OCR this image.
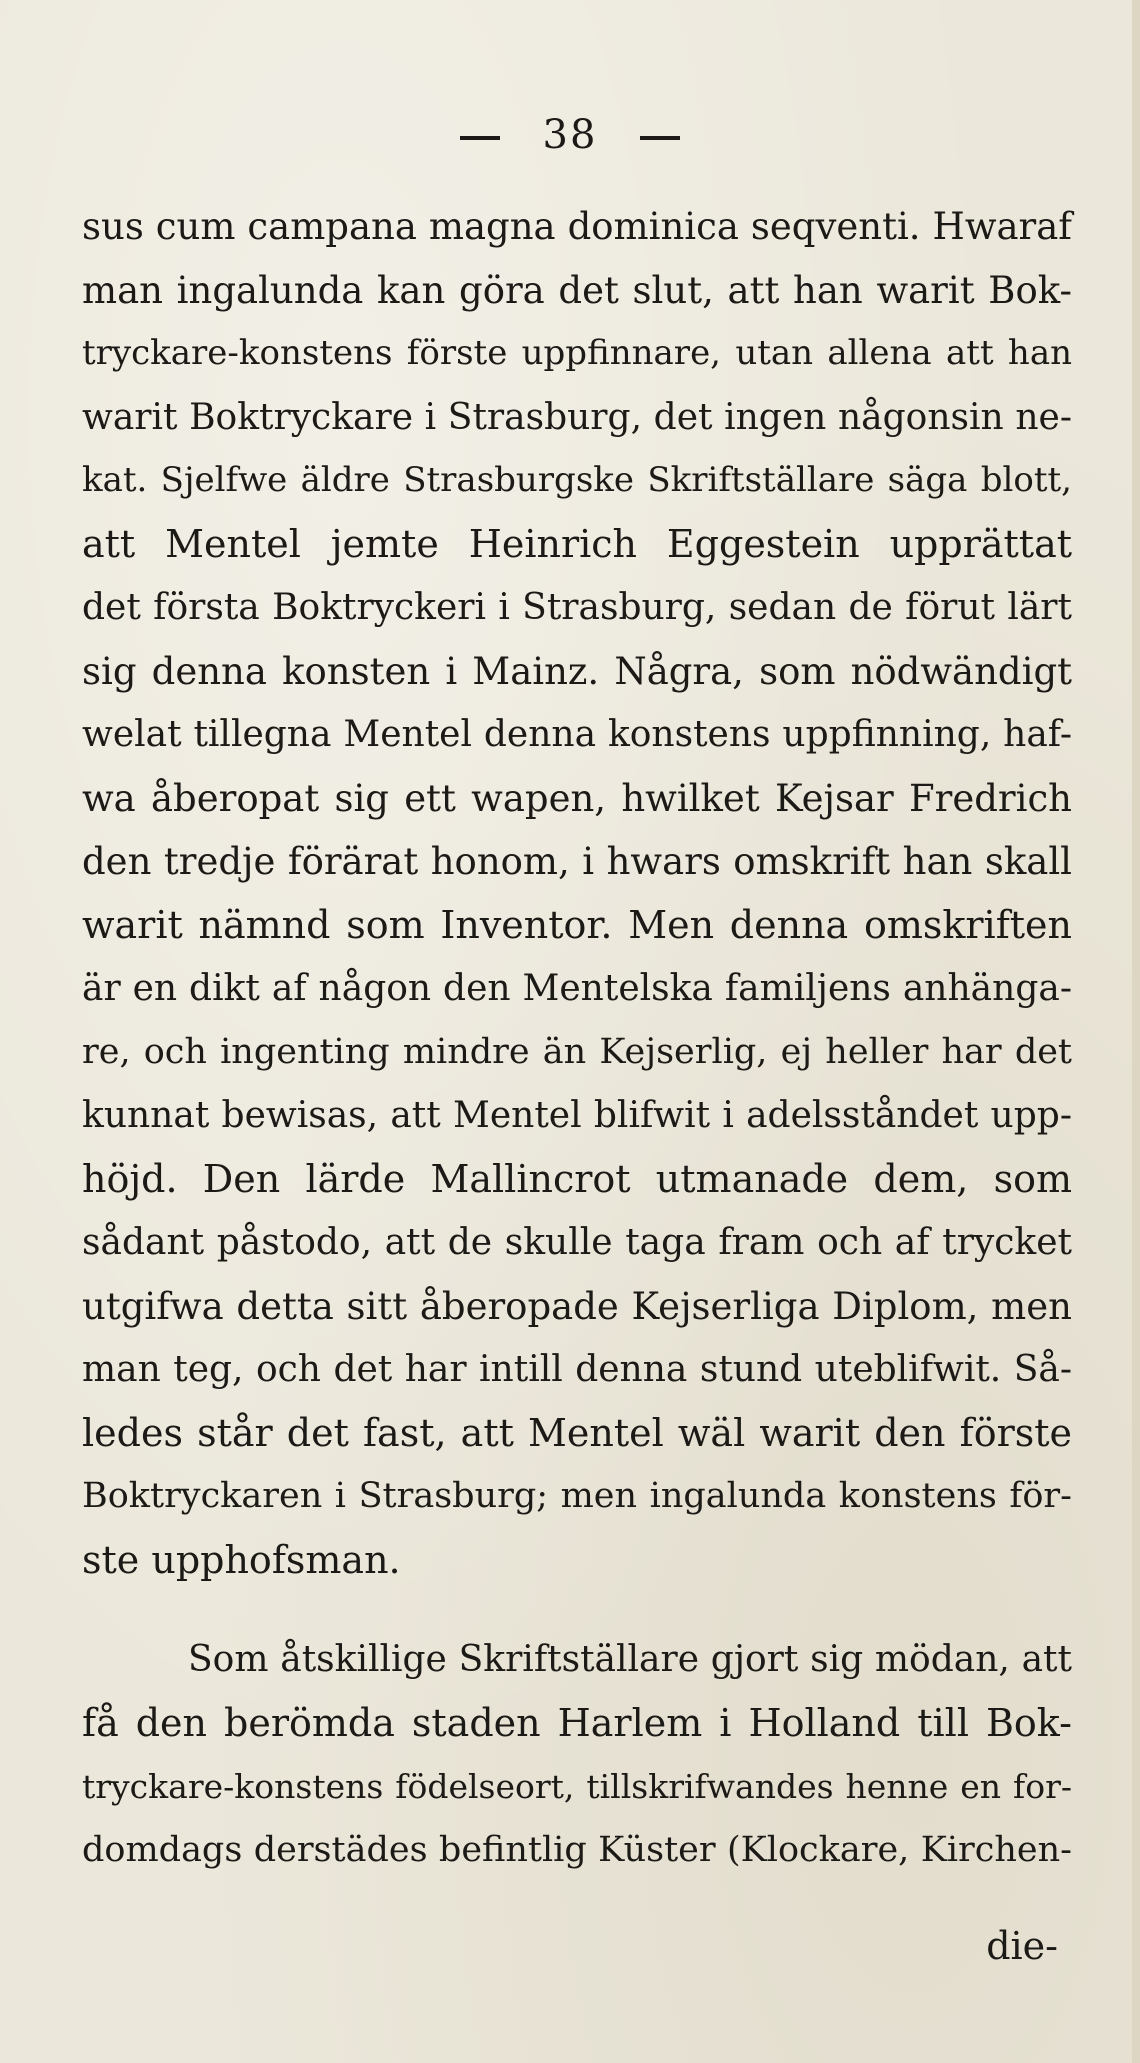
38
sus cum campana magna dominica seqventi. Hwaraf
man ingalunda kan göra det slut, att han warit Bok-
tryckare-konstens förste uppfinnare, utan allena att han
warit Boktryckare i Strasburg, det ingen någonsin ne-
kat. Sjelfwe äldre Strasburgske Skriftställare säga blott,
att Mentel jemte Heinrich Eggestein upprättat
det första Boktryckeri i Strasburg, sedan de förut lärt
sig denna konsten i Mainz. Några, som nödwändigt
welat tillegna Mentel denna konstens uppfinning, haf-
wa åberopat sig ett wapen, hwilket Kejsar Fredrich
den tredje förärat honom, i hwars omskrift han skall
warit nämnd som Inventor. Men denna omskriften
är en dikt af någon den Mentelska familjens anhänga-
re, och ingenting mindre än Kejserlig, ej heller har det
kunnat bewisas, att Mentel blifwit i adelsståndet upp-
höjd. Den lärde Mallincrot utmanade dem, som
sådant påstodo, att de skulle taga fram och af trycket
utgifwa detta sitt åberopade Kejserliga Diplom, men
man teg, och det har intill denna stund uteblifwit. Så-
ledes står det fast, att Mentel wäl warit den förste
Boktryckaren i Strasburg; men ingalunda konstens för-
ste upphofsman.
Som åtskillige Skriftställare gjort sig mödan, att
få den berömda staden Harlem i Holland till Bok-
tryckare-konstens födelseort, tillskrifwandes henne en for-
domdags derstädes befintlig Küster (Klockare, Kirchen-
die-
